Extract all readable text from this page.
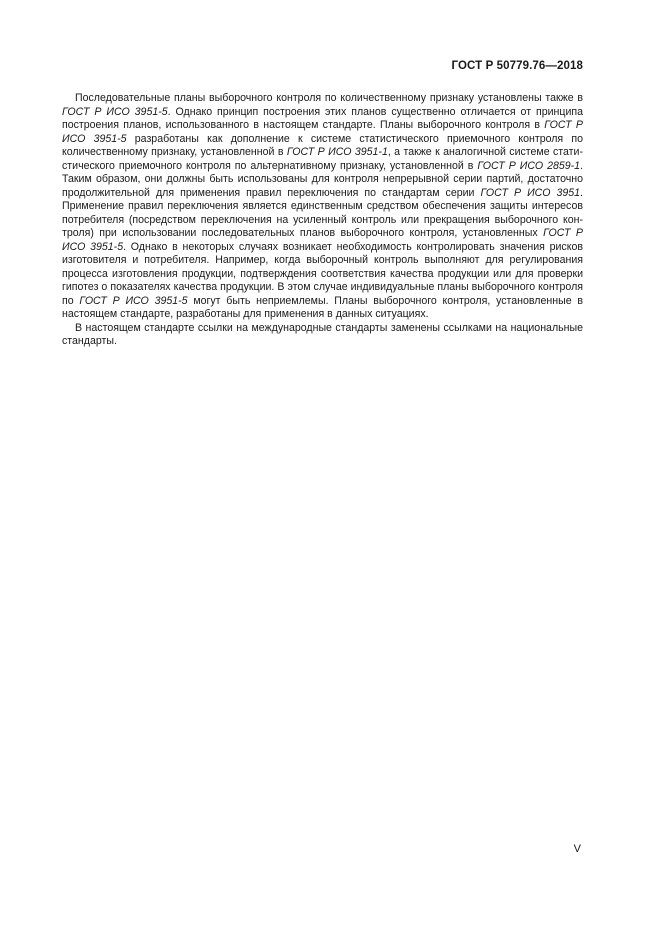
ГОСТ Р 50779.76—2018

Последовательные планы выборочного контроля по количественному признаку установлены также в ГОСТ Р ИСО 3951-5. Однако принцип построения этих планов существенно отличается от принципа построения планов, использованного в настоящем стандарте. Планы выборочного контроля в ГОСТ Р ИСО 3951-5 разработаны как дополнение к системе статистического приемочного контроля по количественному признаку, установленной в ГОСТ Р ИСО 3951-1, а также к аналогичной системе статистического приемочного контроля по альтернативному признаку, установленной в ГОСТ Р ИСО 2859-1. Таким образом, они должны быть использованы для контроля непрерывной серии партий, достаточно продолжительной для применения правил переключения по стандартам серии ГОСТ Р ИСО 3951. Применение правил переключения является единственным средством обеспечения защиты интересов потребителя (посредством переключения на усиленный контроль или прекращения выборочного контроля) при использовании последовательных планов выборочного контроля, установленных ГОСТ Р ИСО 3951-5. Однако в некоторых случаях возникает необходимость контролировать значения рисков изготовителя и потребителя. Например, когда выборочный контроль выполняют для регулирования процесса изготовления продукции, подтверждения соответствия качества продукции или для проверки гипотез о показателях качества продукции. В этом случае индивидуальные планы выборочного контроля по ГОСТ Р ИСО 3951-5 могут быть неприемлемы. Планы выборочного контроля, установленные в настоящем стандарте, разработаны для применения в данных ситуациях.

В настоящем стандарте ссылки на международные стандарты заменены ссылками на национальные стандарты.

V
